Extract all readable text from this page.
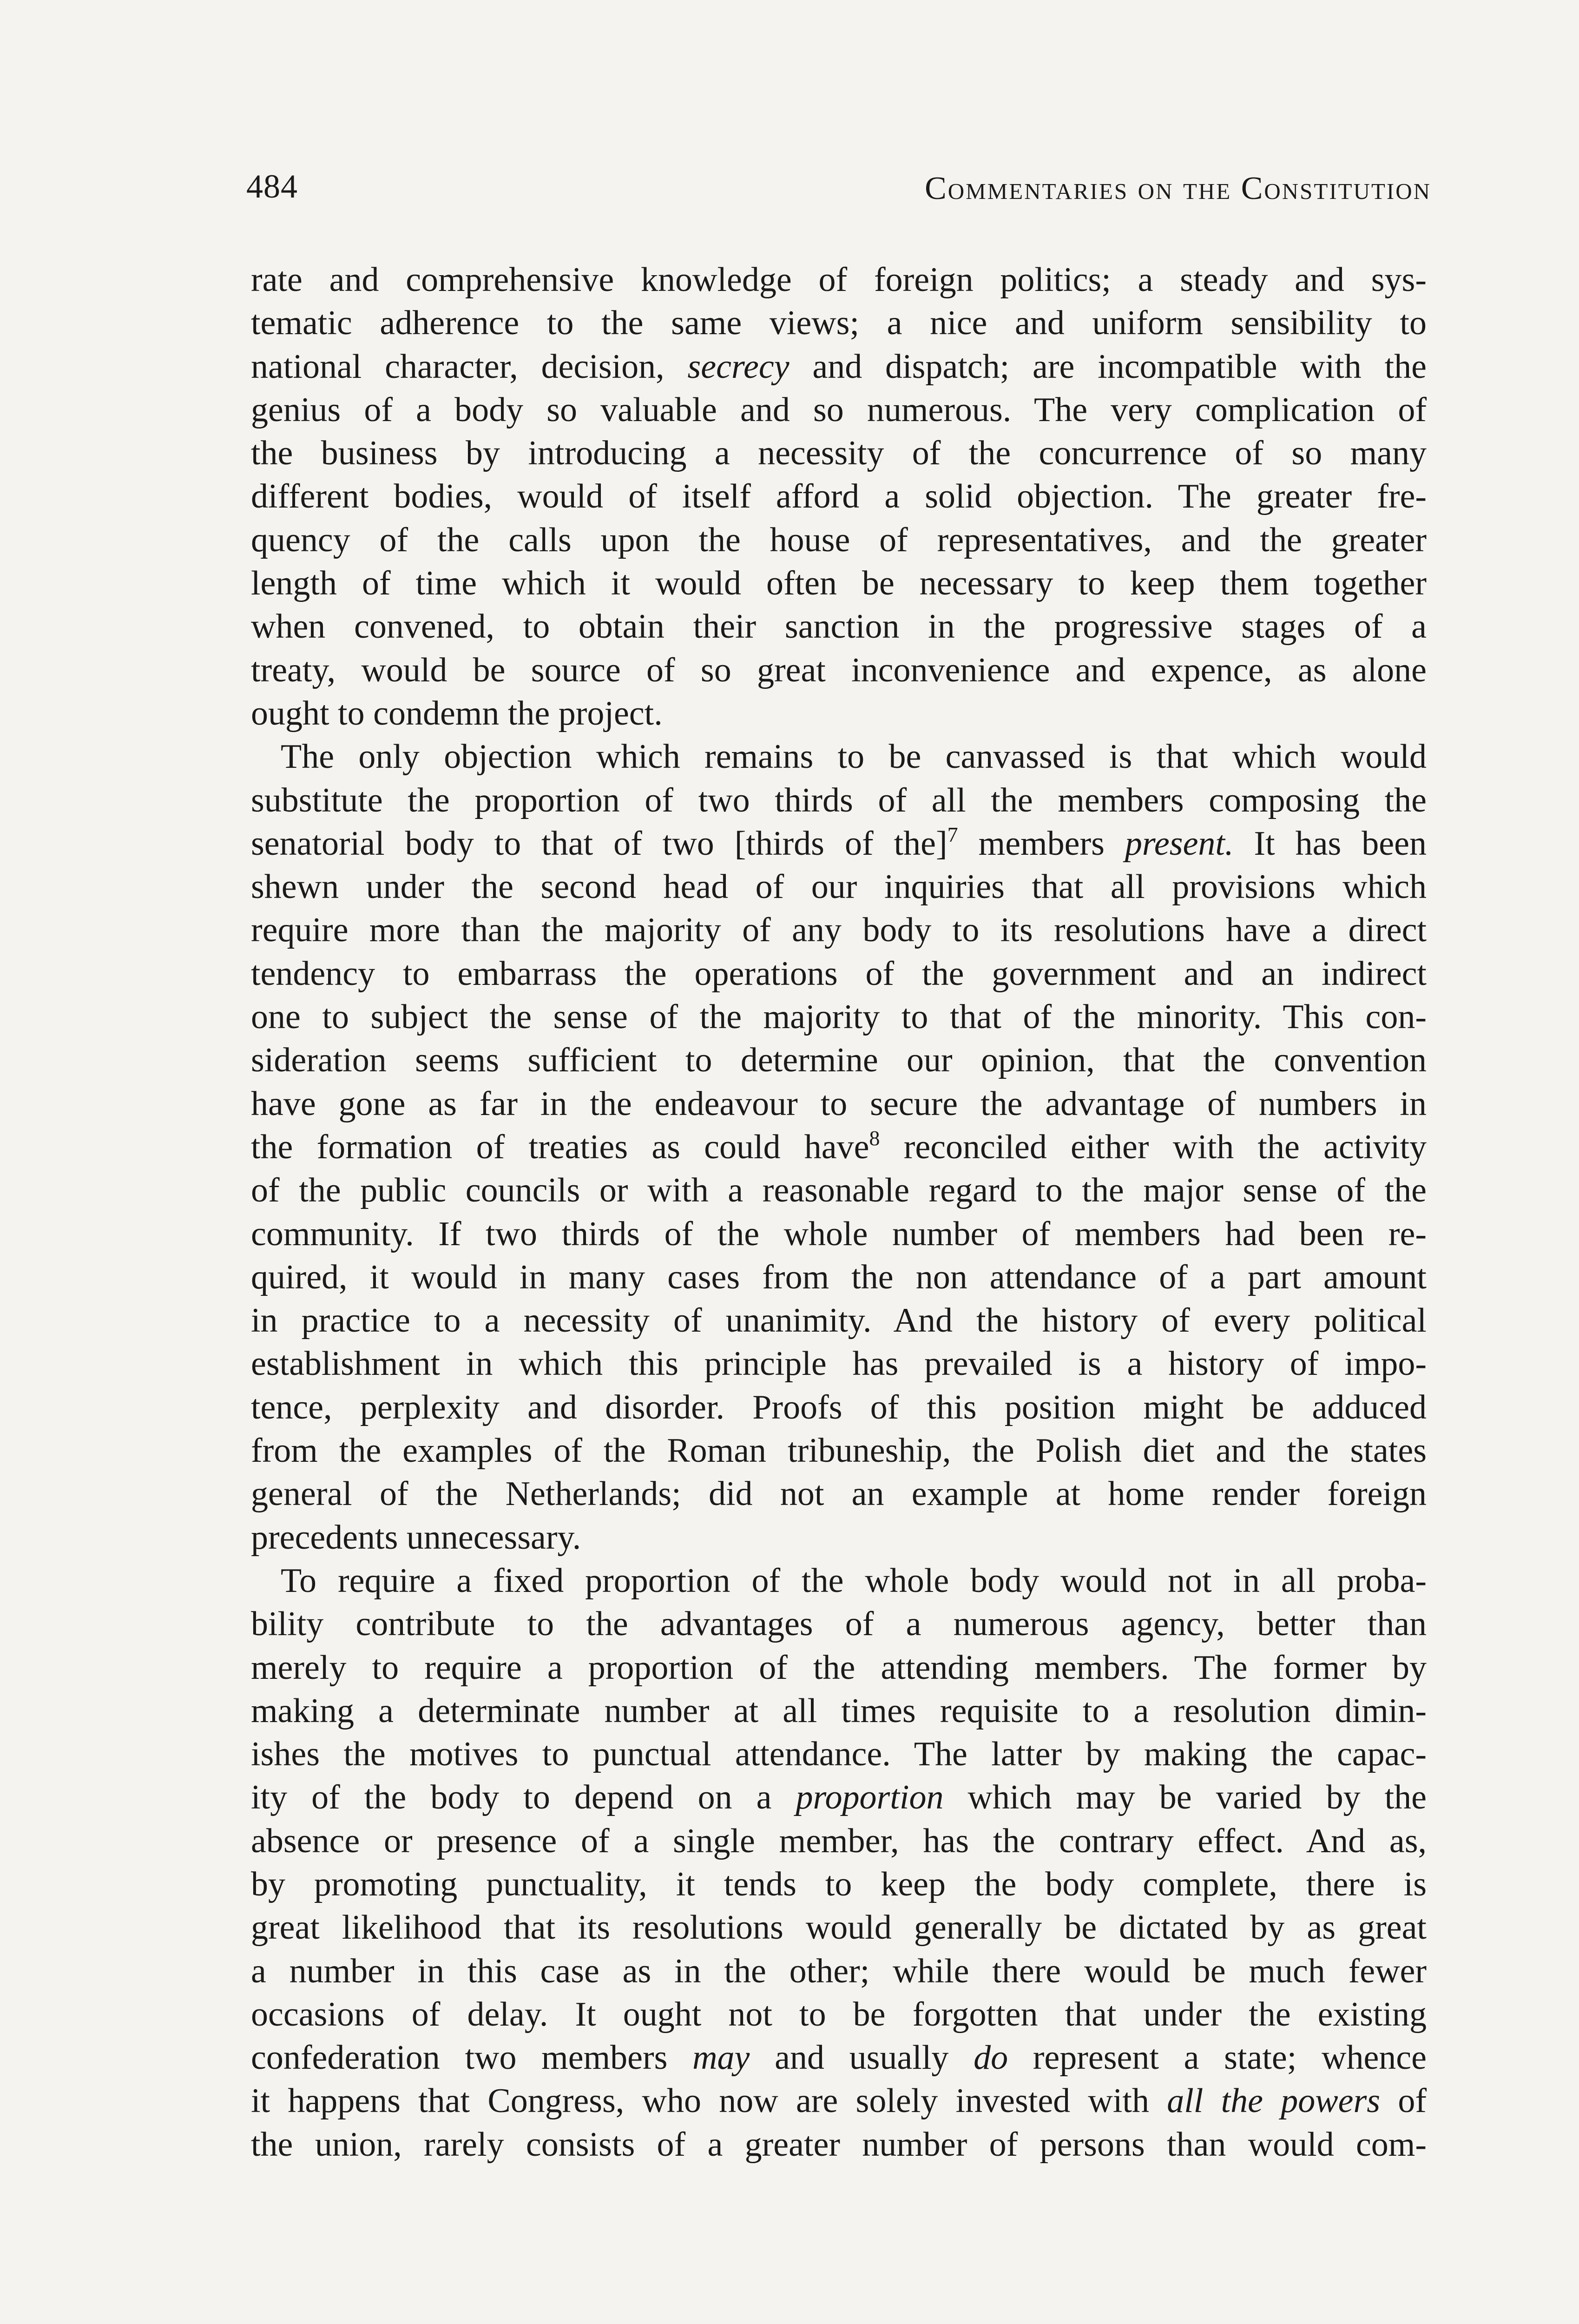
484	Commentaries on the Constitution
rate and comprehensive knowledge of foreign politics; a steady and sys-
tematic adherence to the same views; a nice and uniform sensibility to
national character, decision, secrecy and dispatch; are incompatible with the
genius of a body so valuable and so numerous. The very complication of
the business by introducing a necessity of the concurrence of so many
different bodies, would of itself afford a solid objection. The greater fre-
quency of the calls upon the house of representatives, and the greater
length of time which it would often be necessary to keep them together
when convened, to obtain their sanction in the progressive stages of a
treaty, would be source of so great inconvenience and expence, as alone
ought to condemn the project.
The only objection which remains to be canvassed is that which would
substitute the proportion of two thirds of all the members composing the
senatorial body to that of two [thirds of the]$^7$ members present. It has been
shewn under the second head of our inquiries that all provisions which
require more than the majority of any body to its resolutions have a direct
tendency to embarrass the operations of the government and an indirect
one to subject the sense of the majority to that of the minority. This con-
sideration seems sufficient to determine our opinion, that the convention
have gone as far in the endeavour to secure the advantage of numbers in
the formation of treaties as could have$^8$ reconciled either with the activity
of the public councils or with a reasonable regard to the major sense of the
community. If two thirds of the whole number of members had been re-
quired, it would in many cases from the non attendance of a part amount
in practice to a necessity of unanimity. And the history of every political
establishment in which this principle has prevailed is a history of impo-
tence, perplexity and disorder. Proofs of this position might be adduced
from the examples of the Roman tribuneship, the Polish diet and the states
general of the Netherlands; did not an example at home render foreign
precedents unnecessary.
To require a fixed proportion of the whole body would not in all proba-
bility contribute to the advantages of a numerous agency, better than
merely to require a proportion of the attending members. The former by
making a determinate number at all times requisite to a resolution dimin-
ishes the motives to punctual attendance. The latter by making the capac-
ity of the body to depend on a proportion which may be varied by the
absence or presence of a single member, has the contrary effect. And as,
by promoting punctuality, it tends to keep the body complete, there is
great likelihood that its resolutions would generally be dictated by as great
a number in this case as in the other; while there would be much fewer
occasions of delay. It ought not to be forgotten that under the existing
confederation two members may and usually do represent a state; whence
it happens that Congress, who now are solely invested with all the powers of
the union, rarely consists of a greater number of persons than would com-
